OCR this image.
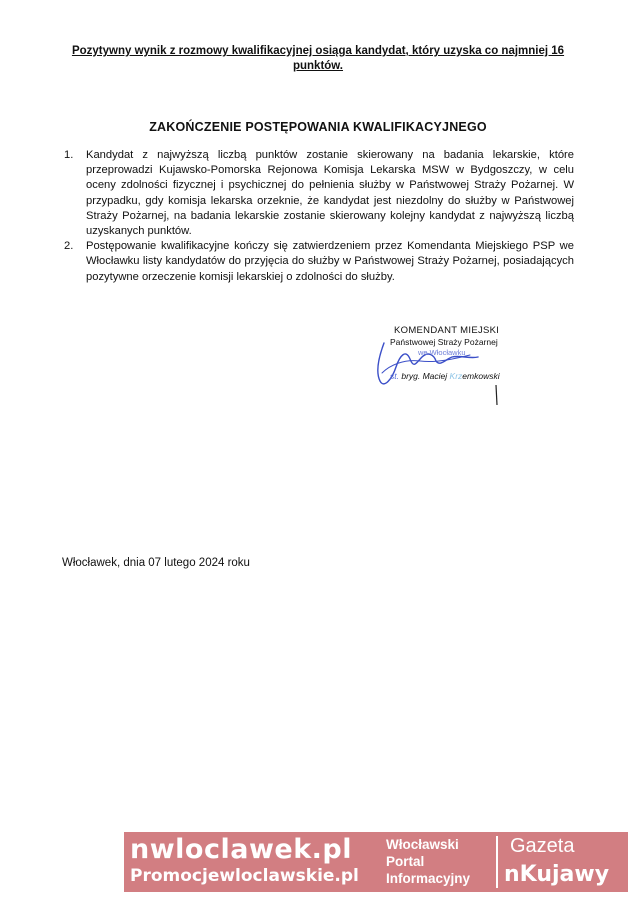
Pozytywny wynik z rozmowy kwalifikacyjnej osiąga kandydat, który uzyska co najmniej 16 punktów.
ZAKOŃCZENIE POSTĘPOWANIA KWALIFIKACYJNEGO
1. Kandydat z najwyższą liczbą punktów zostanie skierowany na badania lekarskie, które przeprowadzi Kujawsko-Pomorska Rejonowa Komisja Lekarska MSW w Bydgoszczy, w celu oceny zdolności fizycznej i psychicznej do pełnienia służby w Państwowej Straży Pożarnej. W przypadku, gdy komisja lekarska orzeknie, że kandydat jest niezdolny do służby w Państwowej Straży Pożarnej, na badania lekarskie zostanie skierowany kolejny kandydat z najwyższą liczbą uzyskanych punktów.
2. Postępowanie kwalifikacyjne kończy się zatwierdzeniem przez Komendanta Miejskiego PSP we Włocławku listy kandydatów do przyjęcia do służby w Państwowej Straży Pożarnej, posiadających pozytywne orzeczenie komisji lekarskiej o zdolności do służby.
KOMENDANT MIEJSKI
Państwowej Straży Pożarnej
we Włocławku
st. bryg. Maciej Krzemkowski
Włocławek, dnia 07 lutego 2024 roku
nwloclawek.pl
Promocjewloclawskie.pl
Włocławski
Portal
Informacyjny
Gazeta
nKujawy
